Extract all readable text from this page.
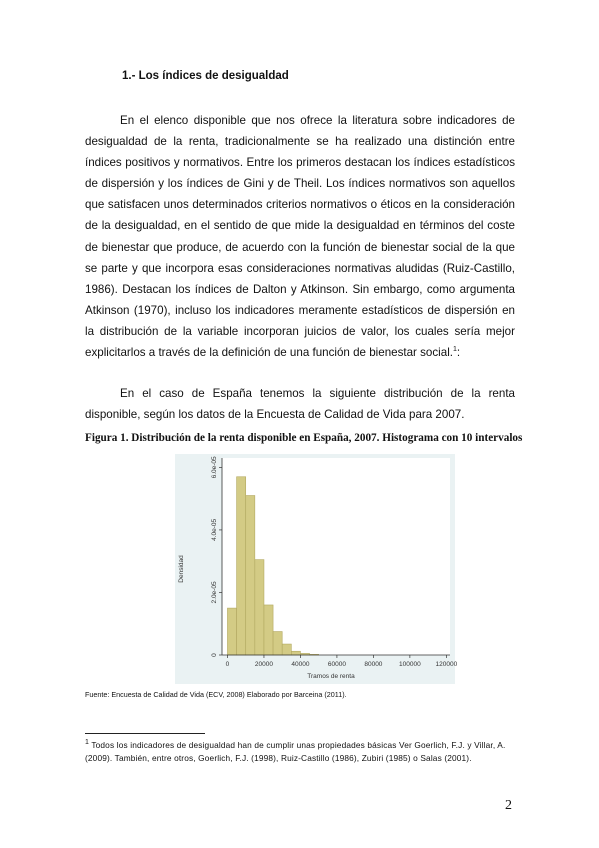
1.- Los índices de desigualdad
En el elenco disponible que nos ofrece la literatura sobre indicadores de desigualdad de la renta, tradicionalmente se ha realizado una distinción entre índices positivos y normativos. Entre los primeros destacan los índices estadísticos de dispersión y los índices de Gini y de Theil. Los índices normativos son aquellos que satisfacen unos determinados criterios normativos o éticos en la consideración de la desigualdad, en el sentido de que mide la desigualdad en términos del coste de bienestar que produce, de acuerdo con la función de bienestar social de la que se parte y que incorpora esas consideraciones normativas aludidas (Ruiz-Castillo, 1986). Destacan los índices de Dalton y Atkinson. Sin embargo, como argumenta Atkinson (1970), incluso los indicadores meramente estadísticos de dispersión en la distribución de la variable incorporan juicios de valor, los cuales sería mejor explicitarlos a través de la definición de una función de bienestar social.$^1$:
En el caso de España tenemos la siguiente distribución de la renta disponible, según los datos de la Encuesta de Calidad de Vida para 2007.
Figura 1. Distribución de la renta disponible en España, 2007. Histograma con 10 intervalos
0	20000	40000	60000	80000	100000 120000
0
2.0e-05
4.0e-05
6.0e-05
Tramos de renta
Densidad
Fuente: Encuesta de Calidad de Vida (ECV, 2008) Elaborado por Barceina (2011).
$^1$ Todos los indicadores de desigualdad han de cumplir unas propiedades básicas Ver Goerlich, F.J. y Villar, A. (2009). También, entre otros, Goerlich, F.J. (1998), Ruiz-Castillo (1986), Zubiri (1985) o Salas (2001).
2
